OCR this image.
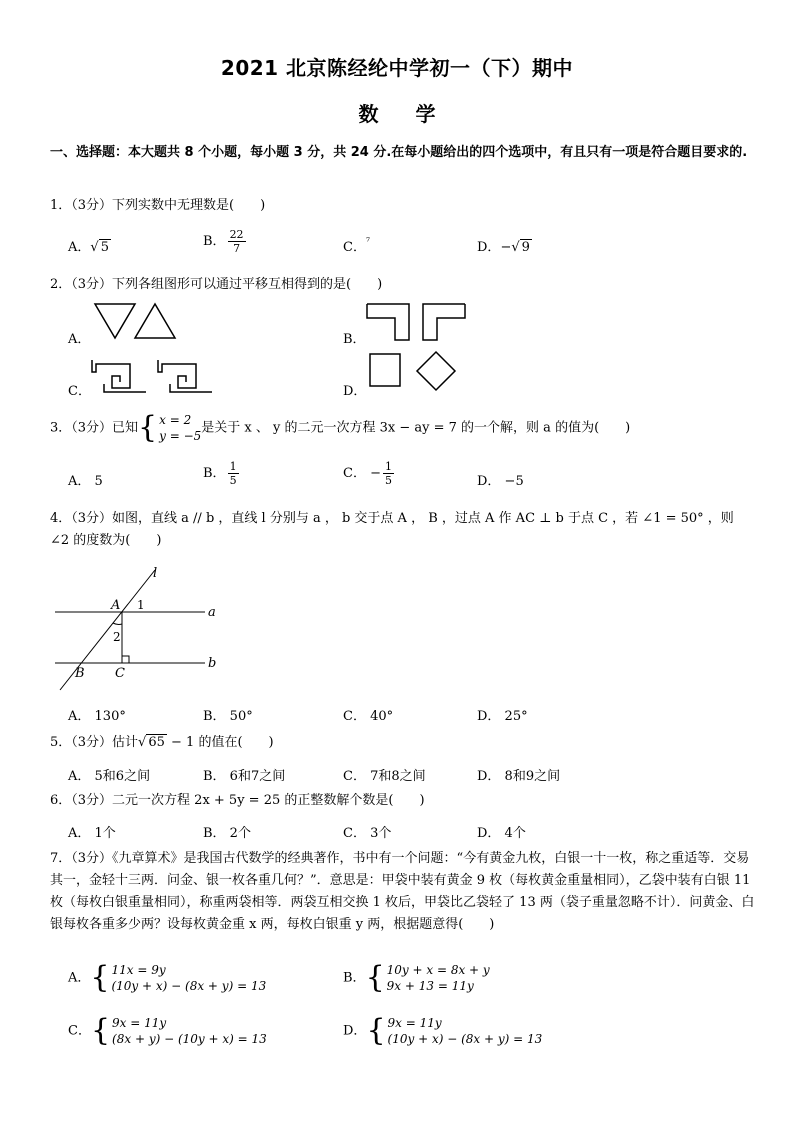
2021 北京陈经纶中学初一（下）期中
数 学
一、选择题：本大题共 8 个小题，每小题 3 分，共 24 分.在每小题给出的四个选项中，有且只有一项是符合题目要求的.
1．（3分）下列实数中无理数是(　　)
A．√ 5	B． $\frac{22}{7}$	C．$^{^7}$	D．−√ 9
2．（3分）下列各组图形可以通过平移互相得到的是(　　)
A．	B．
C．	D．
3．（3分）已知 { x = 2
y = −5
是关于 x 、 y 的二元一次方程 3x − ay = 7 的一个解，则 a 的值为(　　)
A． 5
B． $\frac{1}{5}$	C． − $\frac{1}{5}$	D． −5
4．（3分）如图，直线 a // b ，直线 l 分别与 a ， b 交于点 A ， B ，过点 A 作 AC ⊥ b 于点 C ，若 ∠1 = 50° ，则 ∠2 的度数为(　　)
l
a
b
A
B C
1
2
A． 130°	B． 50°	C． 40°	D． 25°
5．（3分）估计√ 65 − 1 的值在(　　)
A． 5和6之间	B． 6和7之间	C． 7和8之间	D． 8和9之间
6．（3分）二元一次方程 2x + 5y = 25 的正整数解个数是(　　)
A． 1个	B． 2个	C． 3个	D． 4个
7．（3分）《九章算术》是我国古代数学的经典著作，书中有一个问题：“今有黄金九枚，白银一十一枚，称之重适等．交易其一，金轻十三两．问金、银一枚各重几何？”．意思是：甲袋中装有黄金 9 枚（每枚黄金重量相同），乙袋中装有白银 11 枚（每枚白银重量相同），称重两袋相等．两袋互相交换 1 枚后，甲袋比乙袋轻了 13 两（袋子重量忽略不计）．问黄金、白银每枚各重多少两？设每枚黄金重 x 两，每枚白银重 y 两，根据题意得(　　)
A． { 11x = 9y
(10y + x) − (8x + y) = 13
B． { 10y + x = 8x + y
9x + 13 = 11y
C． { 9x = 11y
(8x + y) − (10y + x) = 13
D． { 9x = 11y
(10y + x) − (8x + y) = 13
